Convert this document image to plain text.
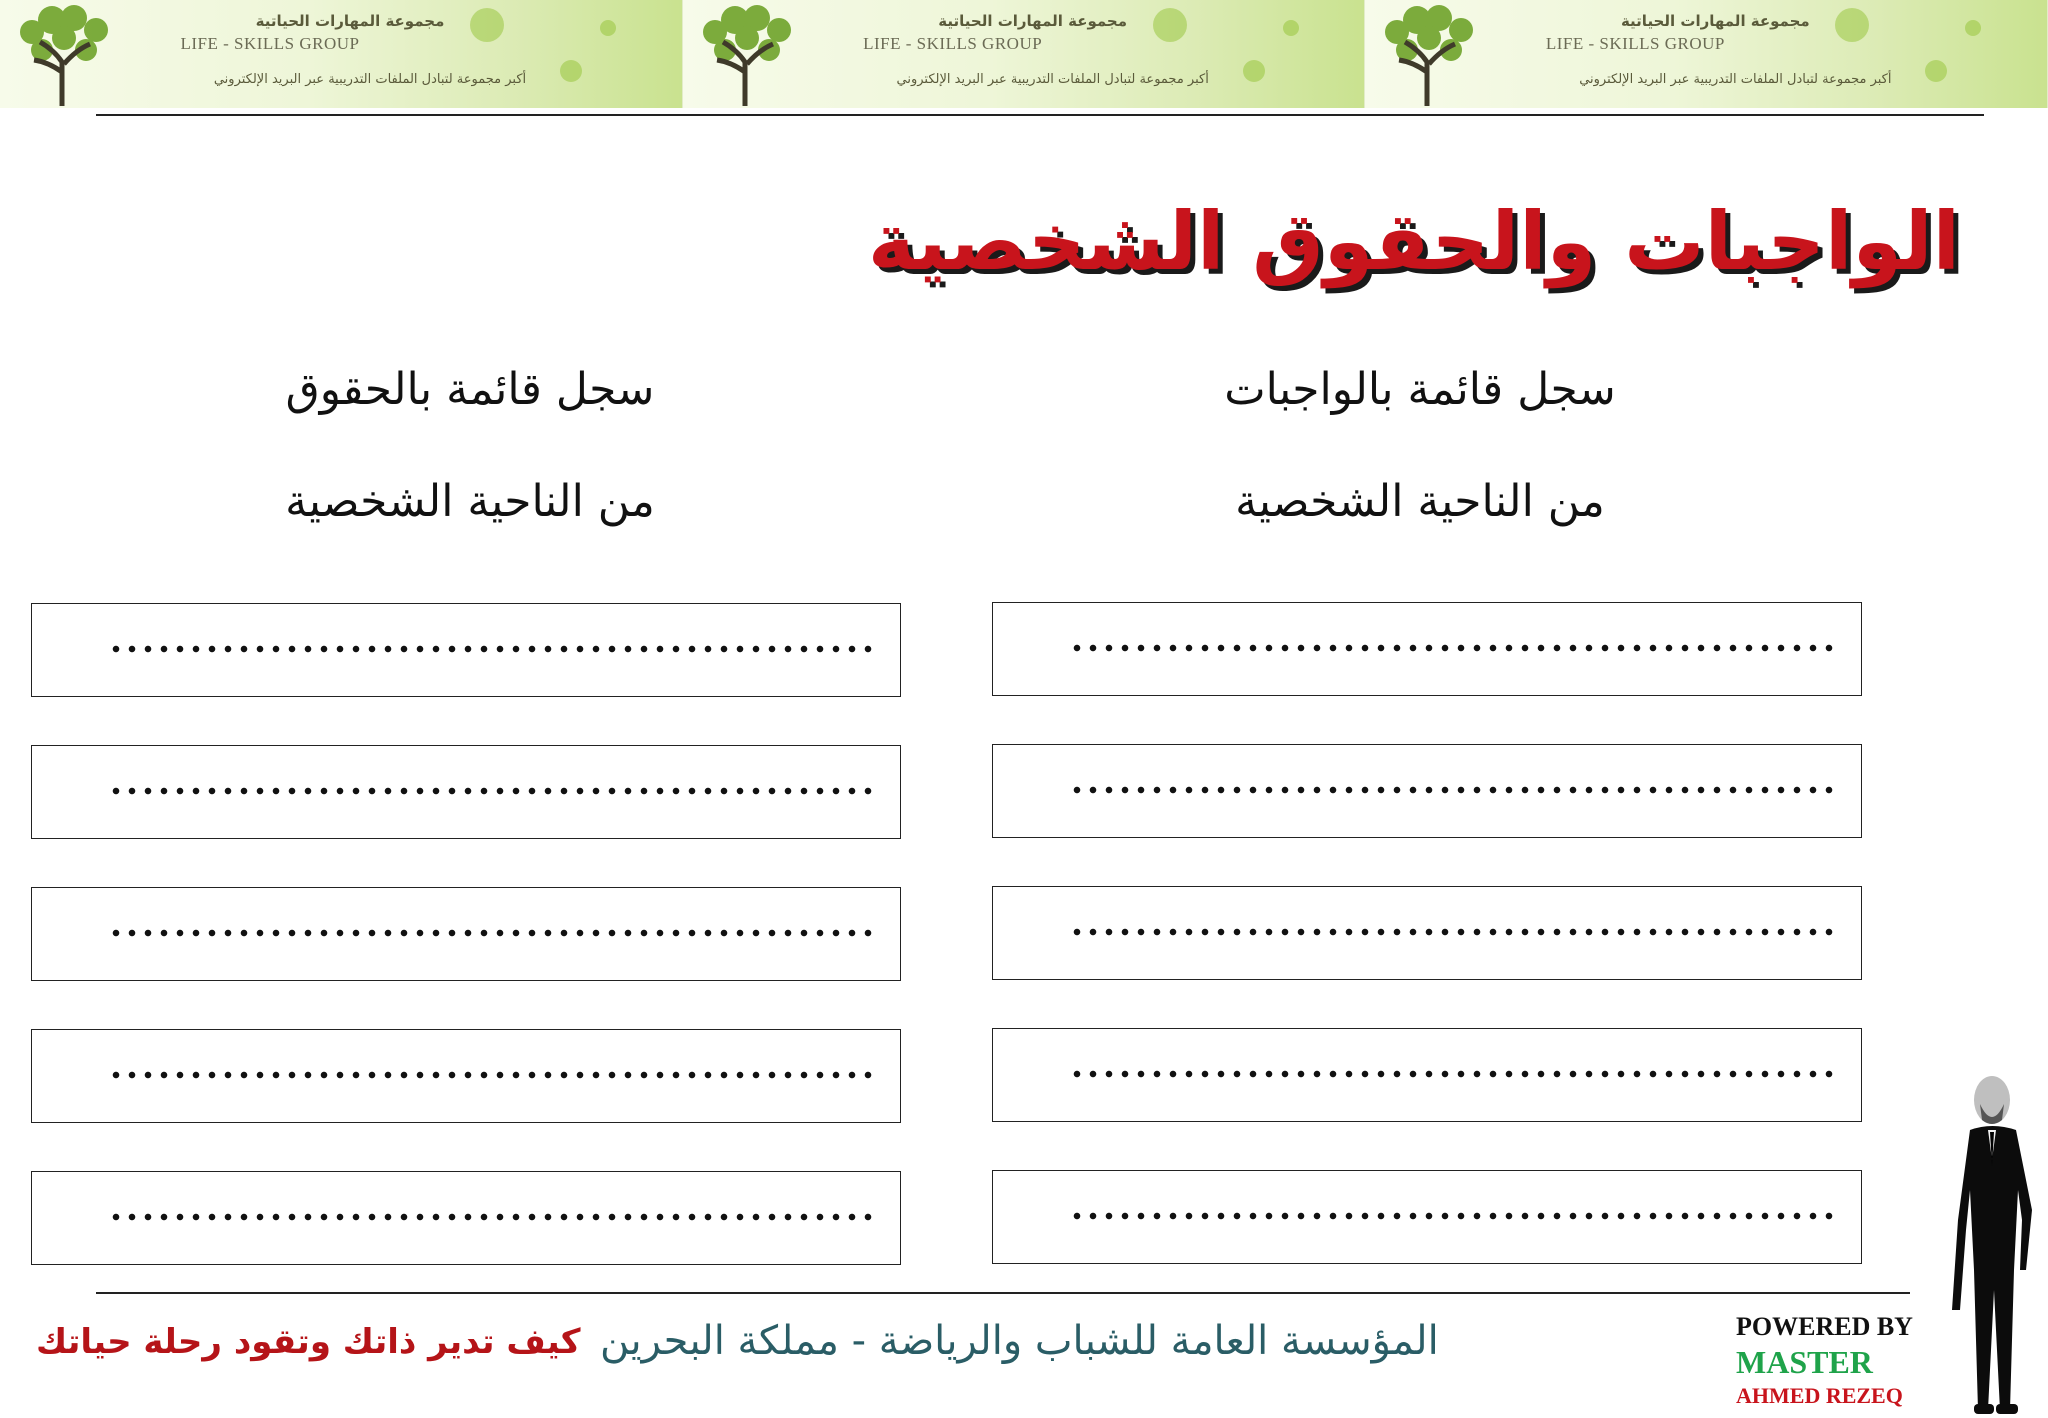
مجموعة المهارات الحياتية
LIFE - SKILLS GROUP
أكبر مجموعة لتبادل الملفات التدريبية عبر البريد الإلكتروني
مجموعة المهارات الحياتية
LIFE - SKILLS GROUP
أكبر مجموعة لتبادل الملفات التدريبية عبر البريد الإلكتروني
مجموعة المهارات الحياتية
LIFE - SKILLS GROUP
أكبر مجموعة لتبادل الملفات التدريبية عبر البريد الإلكتروني
الواجبات والحقوق الشخصية
سجل قائمة بالواجبات
من الناحية الشخصية
سجل قائمة بالحقوق
من الناحية الشخصية
كيف تدير ذاتك وتقود رحلة حياتك المؤسسة العامة للشباب والرياضة - مملكة البحرين	POWERED BY
MASTER
AHMED REZEQ
